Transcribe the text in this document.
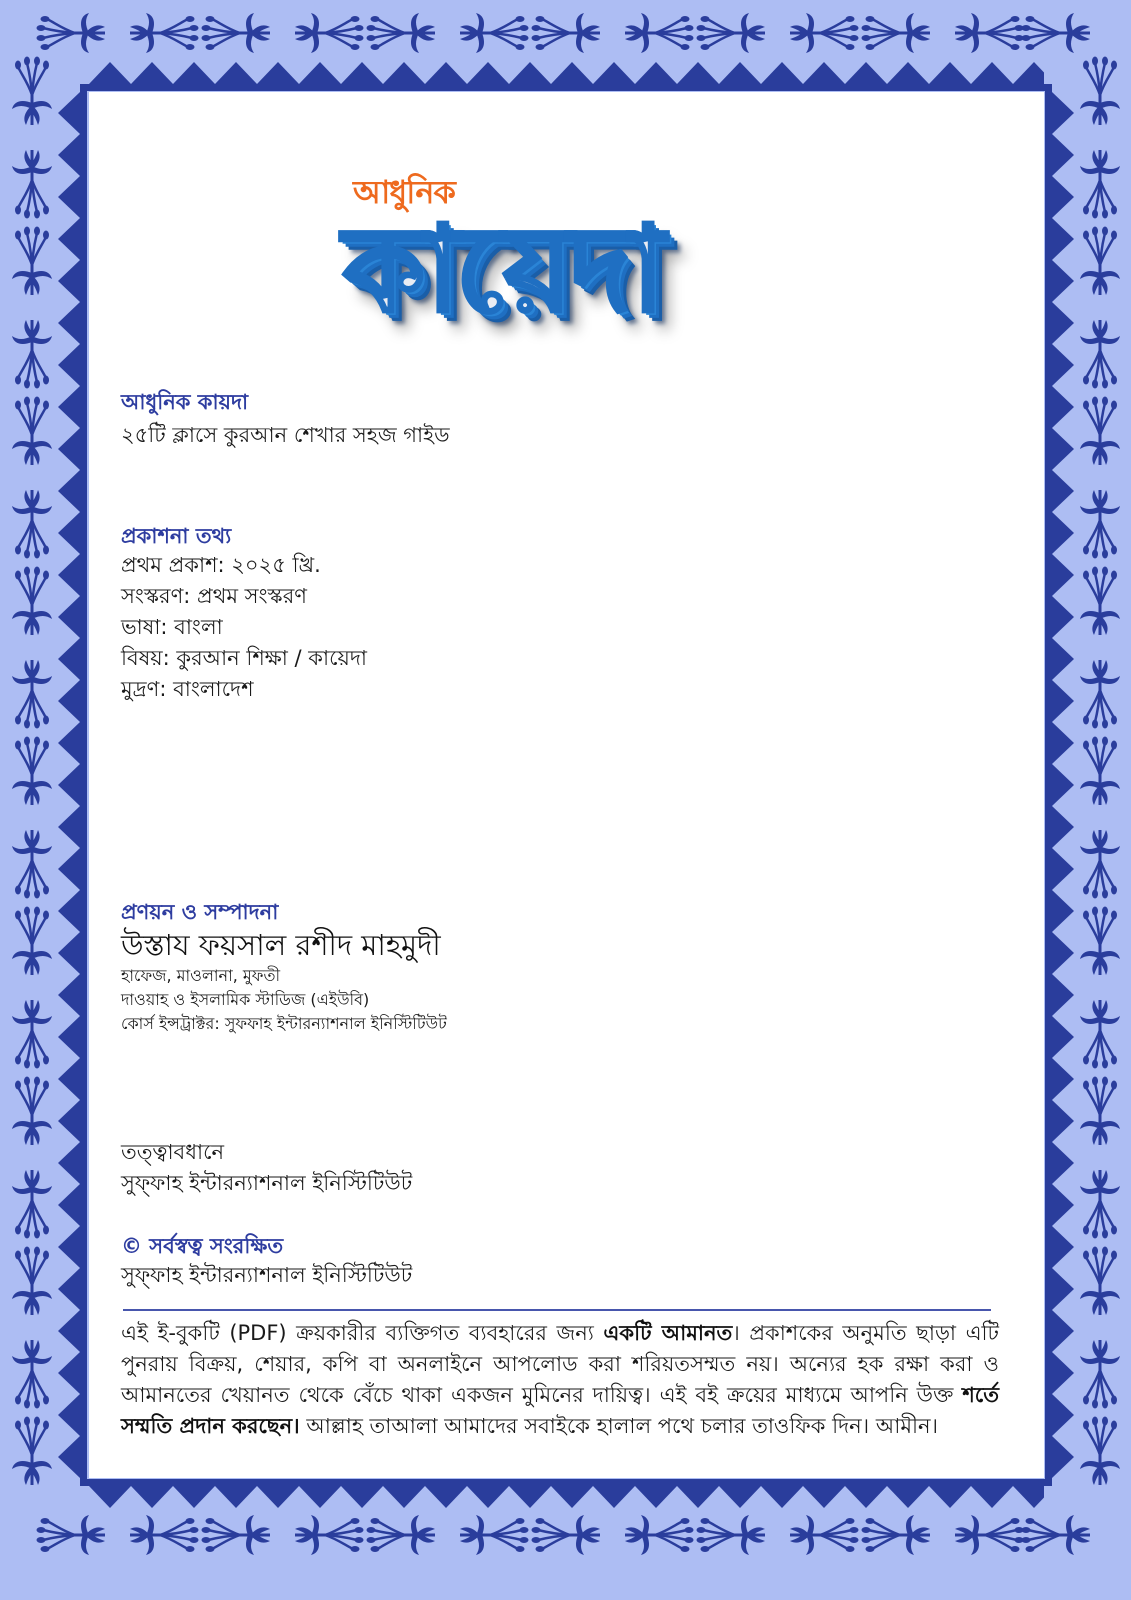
আধুনিক
কায়েদা
আধুনিক কায়দা
২৫টি ক্লাসে কুরআন শেখার সহজ গাইড
প্রকাশনা তথ্য
প্রথম প্রকাশ: ২০২৫ খ্রি.
সংস্করণ: প্রথম সংস্করণ
ভাষা: বাংলা
বিষয়: কুরআন শিক্ষা / কায়েদা
মুদ্রণ: বাংলাদেশ
প্রণয়ন ও সম্পাদনা
উস্তায ফয়সাল রশীদ মাহমুদী
হাফেজ, মাওলানা, মুফতী
দাওয়াহ ও ইসলামিক স্টাডিজ (এইউবি)
কোর্স ইন্সট্রাক্টর: সুফফাহ ইন্টারন্যাশনাল ইনিস্টিটিউট
তত্ত্বাবধানে
সুফ্‌ফাহ ইন্টারন্যাশনাল ইনিস্টিটিউট
© সর্বস্বত্ব সংরক্ষিত
সুফ্‌ফাহ ইন্টারন্যাশনাল ইনিস্টিটিউট
এই ই-বুকটি (PDF) ক্রয়কারীর ব্যক্তিগত ব্যবহারের জন্য একটি আমানত। প্রকাশকের অনুমতি ছাড়া এটি পুনরায় বিক্রয়, শেয়ার, কপি বা অনলাইনে আপলোড করা শরিয়তসম্মত নয়। অন্যের হক রক্ষা করা ও আমানতের খেয়ানত থেকে বেঁচে থাকা একজন মুমিনের দায়িত্ব। এই বই ক্রয়ের মাধ্যমে আপনি উক্ত শর্তে সম্মতি প্রদান করছেন। আল্লাহ তাআলা আমাদের সবাইকে হালাল পথে চলার তাওফিক দিন। আমীন।
